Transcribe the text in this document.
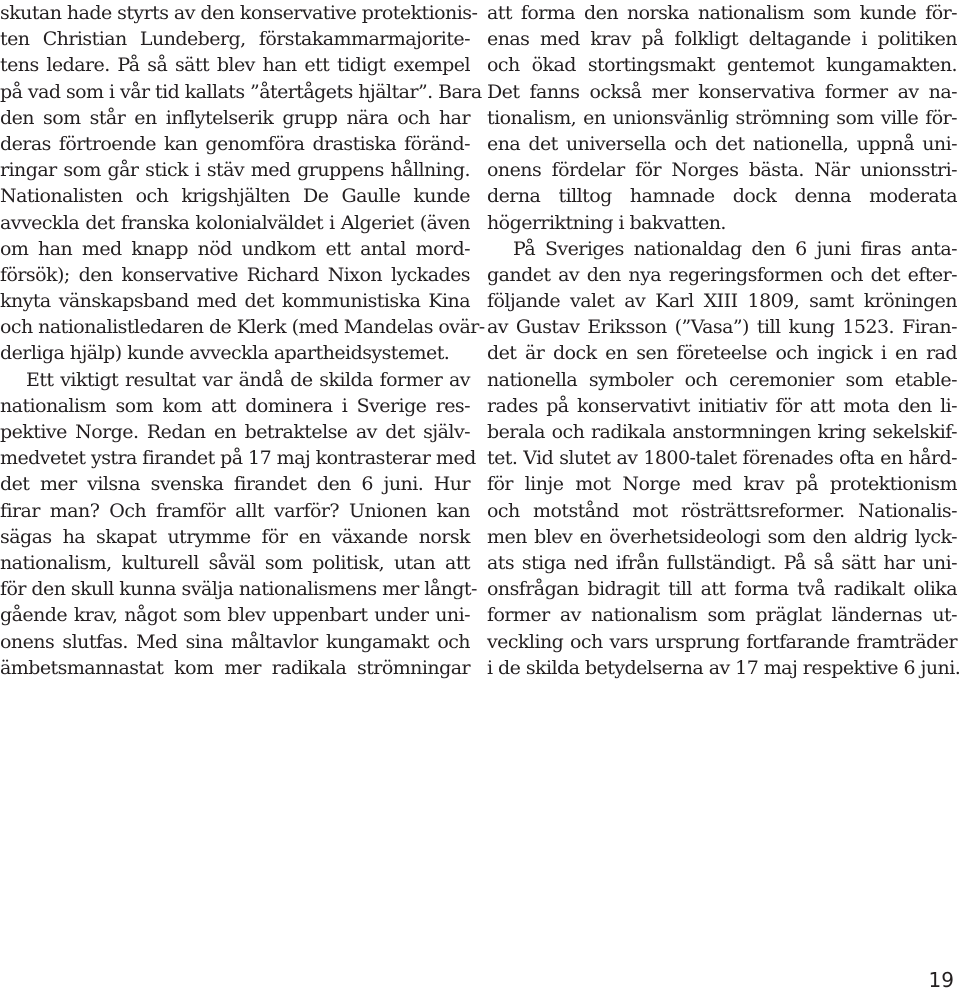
skutan hade styrts av den konservative protektionis-
ten Christian Lundeberg, förstakammarmajorite-
tens ledare. På så sätt blev han ett tidigt exempel
på vad som i vår tid kallats ”återtågets hjältar”. Bara
den som står en inflytelserik grupp nära och har
deras förtroende kan genomföra drastiska föränd-
ringar som går stick i stäv med gruppens hållning.
Nationalisten och krigshjälten De Gaulle kunde
avveckla det franska kolonialväldet i Algeriet (även
om han med knapp nöd undkom ett antal mord-
försök); den konservative Richard Nixon lyckades
knyta vänskapsband med det kommunistiska Kina
och nationalistledaren de Klerk (med Mandelas ovär-
derliga hjälp) kunde avveckla apartheidsystemet.
Ett viktigt resultat var ändå de skilda former av
nationalism som kom att dominera i Sverige res-
pektive Norge. Redan en betraktelse av det själv-
medvetet ystra firandet på 17 maj kontrasterar med
det mer vilsna svenska firandet den 6 juni. Hur
firar man? Och framför allt varför? Unionen kan
sägas ha skapat utrymme för en växande norsk
nationalism, kulturell såväl som politisk, utan att
för den skull kunna svälja nationalismens mer långt-
gående krav, något som blev uppenbart under uni-
onens slutfas. Med sina måltavlor kungamakt och
ämbetsmannastat kom mer radikala strömningar
att forma den norska nationalism som kunde för-
enas med krav på folkligt deltagande i politiken
och ökad stortingsmakt gentemot kungamakten.
Det fanns också mer konservativa former av na-
tionalism, en unionsvänlig strömning som ville för-
ena det universella och det nationella, uppnå uni-
onens fördelar för Norges bästa. När unionsstri-
derna tilltog hamnade dock denna moderata
högerriktning i bakvatten.
På Sveriges nationaldag den 6 juni firas anta-
gandet av den nya regeringsformen och det efter-
följande valet av Karl XIII 1809, samt kröningen
av Gustav Eriksson (”Vasa”) till kung 1523. Firan-
det är dock en sen företeelse och ingick i en rad
nationella symboler och ceremonier som etable-
rades på konservativt initiativ för att mota den li-
berala och radikala anstormningen kring sekelskif-
tet. Vid slutet av 1800-talet förenades ofta en hård-
för linje mot Norge med krav på protektionism
och motstånd mot rösträttsreformer. Nationalis-
men blev en överhetsideologi som den aldrig lyck-
ats stiga ned ifrån fullständigt. På så sätt har uni-
onsfrågan bidragit till att forma två radikalt olika
former av nationalism som präglat ländernas ut-
veckling och vars ursprung fortfarande framträder
i de skilda betydelserna av 17 maj respektive 6 juni.
19
